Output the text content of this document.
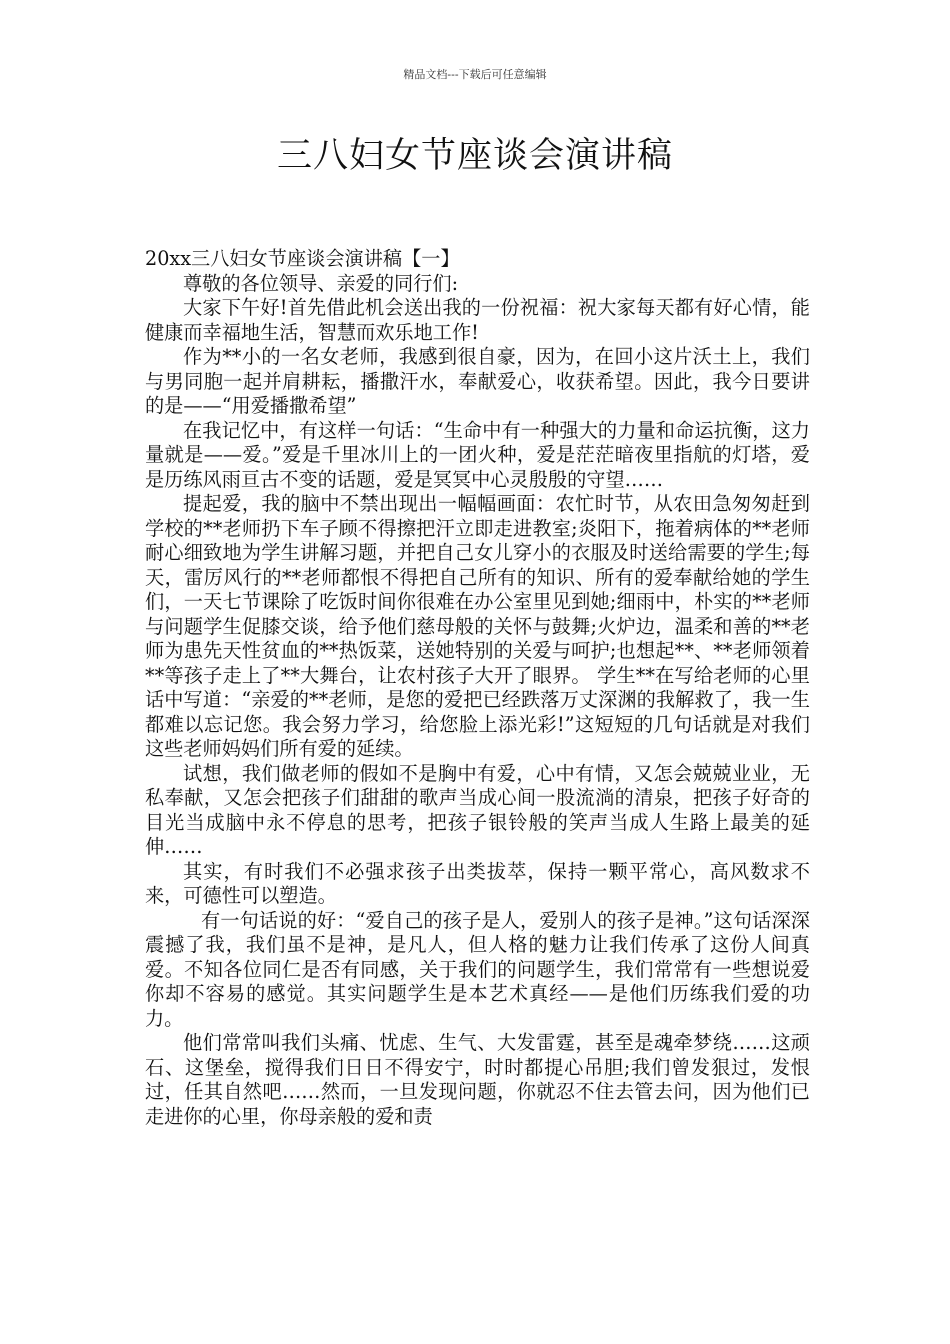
精品文档---下载后可任意编辑
三八妇女节座谈会演讲稿

20xx三八妇女节座谈会演讲稿【一】

尊敬的各位领导、亲爱的同行们:

大家下午好!首先借此机会送出我的一份祝福：祝大家每天都有好心情，能健康而幸福地生活，智慧而欢乐地工作!

作为**小的一名女老师，我感到很自豪，因为，在回小这片沃土上，我们与男同胞一起并肩耕耘，播撒汗水，奉献爱心，收获希望。因此，我今日要讲的是——“用爱播撒希望”

在我记忆中，有这样一句话：“生命中有一种强大的力量和命运抗衡，这力量就是——爱。”爱是千里冰川上的一团火种，爱是茫茫暗夜里指航的灯塔，爱是历练风雨亘古不变的话题，爱是冥冥中心灵殷殷的守望……

提起爱，我的脑中不禁出现出一幅幅画面：农忙时节，从农田急匆匆赶到学校的**老师扔下车子顾不得擦把汗立即走进教室;炎阳下，拖着病体的**老师耐心细致地为学生讲解习题，并把自己女儿穿小的衣服及时送给需要的学生;每天，雷厉风行的**老师都恨不得把自己所有的知识、所有的爱奉献给她的学生们，一天七节课除了吃饭时间你很难在办公室里见到她;细雨中，朴实的**老师与问题学生促膝交谈，给予他们慈母般的关怀与鼓舞;火炉边，温柔和善的**老师为患先天性贫血的**热饭菜，送她特别的关爱与呵护;也想起**、**老师领着**等孩子走上了**大舞台，让农村孩子大开了眼界。 学生**在写给老师的心里话中写道：“亲爱的**老师，是您的爱把已经跌落万丈深渊的我解救了，我一生都难以忘记您。我会努力学习，给您脸上添光彩!”这短短的几句话就是对我们这些老师妈妈们所有爱的延续。

试想，我们做老师的假如不是胸中有爱，心中有情，又怎会兢兢业业，无私奉献，又怎会把孩子们甜甜的歌声当成心间一股流淌的清泉，把孩子好奇的目光当成脑中永不停息的思考，把孩子银铃般的笑声当成人生路上最美的延伸……

其实，有时我们不必强求孩子出类拔萃，保持一颗平常心，高风数求不来，可德性可以塑造。

有一句话说的好：“爱自己的孩子是人，爱别人的孩子是神。”这句话深深震撼了我，我们虽不是神，是凡人，但人格的魅力让我们传承了这份人间真爱。不知各位同仁是否有同感，关于我们的问题学生，我们常常有一些想说爱你却不容易的感觉。其实问题学生是本艺术真经——是他们历练我们爱的功力。

他们常常叫我们头痛、忧虑、生气、大发雷霆，甚至是魂牵梦绕……这顽石、这堡垒，搅得我们日日不得安宁，时时都提心吊胆;我们曾发狠过，发恨过，任其自然吧……然而，一旦发现问题，你就忍不住去管去问，因为他们已走进你的心里，你母亲般的爱和责
